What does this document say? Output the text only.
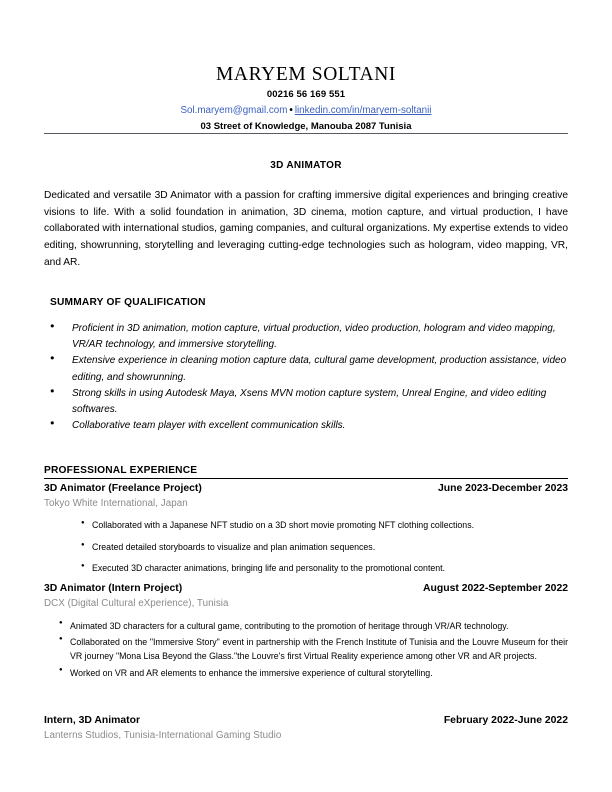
MARYEM SOLTANI
00216 56 169 551
Sol.maryem@gmail.com • linkedin.com/in/maryem-soltanii
03 Street of Knowledge, Manouba 2087 Tunisia
3D ANIMATOR
Dedicated and versatile 3D Animator with a passion for crafting immersive digital experiences and bringing creative visions to life. With a solid foundation in animation, 3D cinema, motion capture, and virtual production, I have collaborated with international studios, gaming companies, and cultural organizations. My expertise extends to video editing, showrunning, storytelling and leveraging cutting-edge technologies such as hologram, video mapping, VR, and AR.
SUMMARY OF QUALIFICATION
● Proficient in 3D animation, motion capture, virtual production, video production, hologram and video mapping, VR/AR technology, and immersive storytelling.
● Extensive experience in cleaning motion capture data, cultural game development, production assistance, video editing, and showrunning.
● Strong skills in using Autodesk Maya, Xsens MVN motion capture system, Unreal Engine, and video editing softwares.
● Collaborative team player with excellent communication skills.
PROFESSIONAL EXPERIENCE
3D Animator (Freelance Project)	June 2023-December 2023
Tokyo White International, Japan
● Collaborated with a Japanese NFT studio on a 3D short movie promoting NFT clothing collections.
● Created detailed storyboards to visualize and plan animation sequences.
● Executed 3D character animations, bringing life and personality to the promotional content.
3D Animator (Intern Project)	August 2022-September 2022
DCX (Digital Cultural eXperience), Tunisia
● Animated 3D characters for a cultural game, contributing to the promotion of heritage through VR/AR technology.
● Collaborated on the "Immersive Story" event in partnership with the French Institute of Tunisia and the Louvre Museum for their VR journey "Mona Lisa Beyond the Glass."the Louvre's first Virtual Reality experience among other VR and AR projects.
● Worked on VR and AR elements to enhance the immersive experience of cultural storytelling.
Intern, 3D Animator	February 2022-June 2022
Lanterns Studios, Tunisia-International Gaming Studio
